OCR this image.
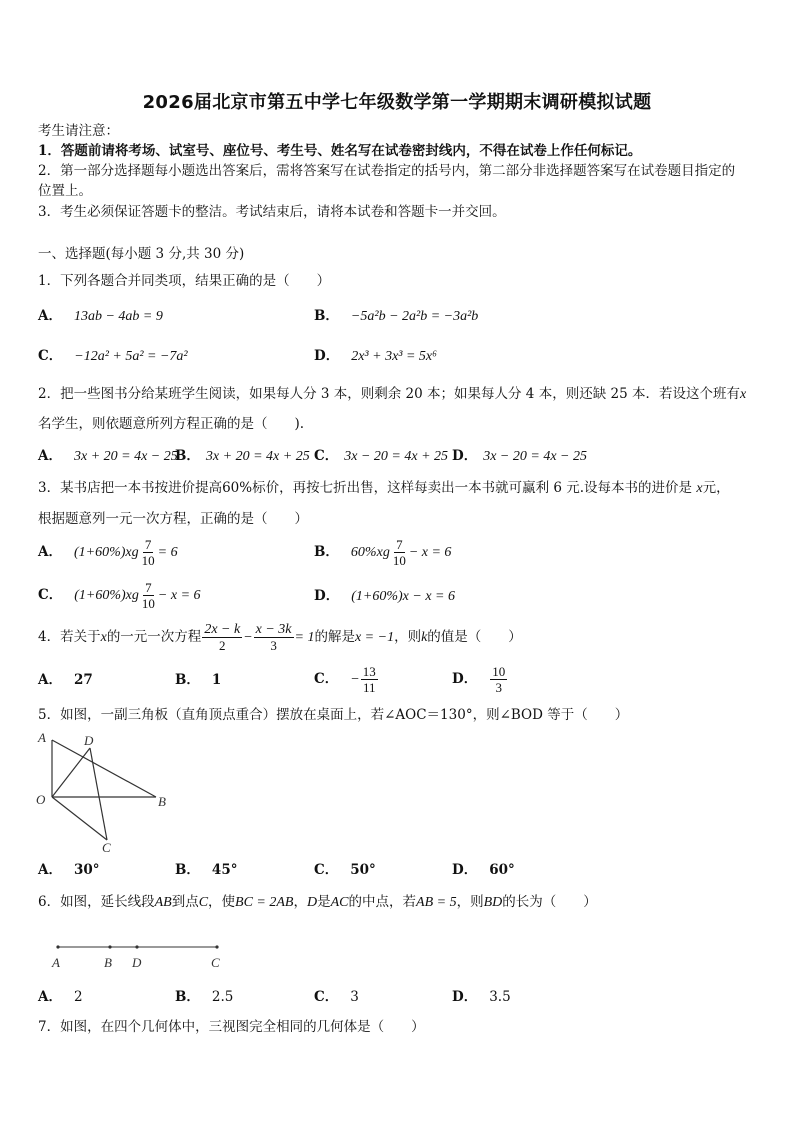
2026届北京市第五中学七年级数学第一学期期末调研模拟试题
考生请注意：
1．答题前请将考场、试室号、座位号、考生号、姓名写在试卷密封线内，不得在试卷上作任何标记。
2．第一部分选择题每小题选出答案后，需将答案写在试卷指定的括号内，第二部分非选择题答案写在试卷题目指定的
位置上。
3．考生必须保证答题卡的整洁。考试结束后，请将本试卷和答题卡一并交回。
一、选择题(每小题 3 分,共 30 分)
1．下列各题合并同类项，结果正确的是（　　）
A． 13ab − 4ab = 9	B． −5a²b − 2a²b = −3a²b
C． −12a² + 5a² = −7a²	D． 2x³ + 3x³ = 5x⁶
2．把一些图书分给某班学生阅读，如果每人分 3 本，则剩余 20 本；如果每人分 4 本，则还缺 25 本．若设这个班有x
名学生，则依题意所列方程正确的是（　　).
A． 3x + 20 = 4x − 25
B． 3x + 20 = 4x + 25 C． 3x − 20 = 4x + 25 D． 3x − 20 = 4x − 25
3．某书店把一本书按进价提高60%标价，再按七折出售，这样每卖出一本书就可赢利 6 元.设每本书的进价是 x元，
根据题意列一元一次方程，正确的是（　　）
A． $(1+60\%)xg \frac{7}{10} = 6$	B． $60\%xg \frac{7}{10} - x = 6$
C． $(1+60\%)xg \frac{7}{10} - x = 6$	D． (1+60%)x − x = 6
4．若关于x的一元一次方程 $\frac{2x - k}{2} - \frac{x - 3k}{3} = 1$的解是x = −1，则k的值是（　　）
A． 27	B． 1	C． − $\frac{13}{11}$	D． $\frac{10}{3}$
5．如图，一副三角板（直角顶点重合）摆放在桌面上，若∠AOC＝130°，则∠BOD 等于（　　）
A	D
O	B
C
A． 30°	B． 45°	C． 50°	D． 60°
6．如图，延长线段AB到点C，使BC = 2AB，D是AC的中点，若AB = 5，则BD的长为（　　）
A	B D	C
A． 2	B． 2.5	C． 3	D． 3.5
7．如图，在四个几何体中，三视图完全相同的几何体是（　　）
